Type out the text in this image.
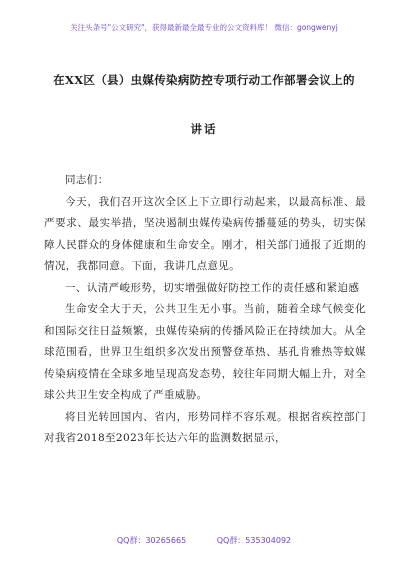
关注头条号"公文研究"，获得最新最全最专业的公文资料库！ 微信：gongwenyj
在XX区（县）虫媒传染病防控专项行动工作部署会议上的
讲话

同志们：

今天，我们召开这次全区上下立即行动起来，以最高标准、最严要求、最实举措，坚决遏制虫媒传染病传播蔓延的势头，切实保障人民群众的身体健康和生命安全。刚才，相关部门通报了近期的情况，我都同意。下面，我讲几点意见。

一、认清严峻形势，切实增强做好防控工作的责任感和紧迫感

生命安全大于天，公共卫生无小事。当前，随着全球气候变化和国际交往日益频繁，虫媒传染病的传播风险正在持续加大。从全球范围看，世界卫生组织多次发出预警登革热、基孔肯雅热等蚊媒传染病疫情在全球多地呈现高发态势，较往年同期大幅上升，对全球公共卫生安全构成了严重威胁。

将目光转回国内、省内，形势同样不容乐观。根据省疾控部门对我省2018至2023年长达六年的监测数据显示，

QQ群：30265665	QQ群：535304092
